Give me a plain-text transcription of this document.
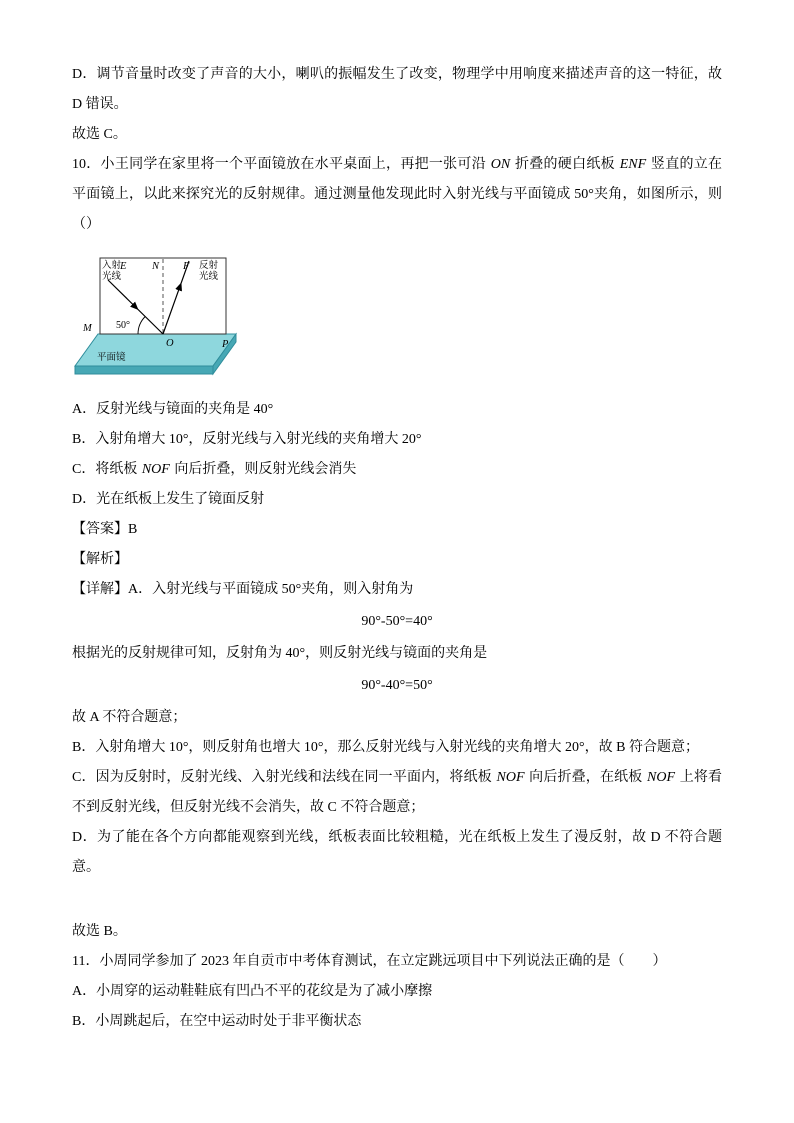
D．调节音量时改变了声音的大小，喇叭的振幅发生了改变，物理学中用响度来描述声音的这一特征，故D 错误。

故选 C。

10．小王同学在家里将一个平面镜放在水平桌面上，再把一张可沿 ON 折叠的硬白纸板 ENF 竖直的立在平面镜上，以此来探究光的反射规律。通过测量他发现此时入射光线与平面镜成 50°夹角，如图所示，则（）

入射
光线
反射
光线
E N F
M
O	P
50°
平面镜

A．反射光线与镜面的夹角是 40°

B．入射角增大 10°，反射光线与入射光线的夹角增大 20°

C．将纸板 NOF 向后折叠，则反射光线会消失

D．光在纸板上发生了镜面反射

【答案】B

【解析】

【详解】A．入射光线与平面镜成 50°夹角，则入射角为

90°-50°=40°

根据光的反射规律可知，反射角为 40°，则反射光线与镜面的夹角是

90°-40°=50°

故 A 不符合题意；

B．入射角增大 10°，则反射角也增大 10°，那么反射光线与入射光线的夹角增大 20°，故 B 符合题意；

C．因为反射时，反射光线、入射光线和法线在同一平面内，将纸板 NOF 向后折叠，在纸板 NOF 上将看不到反射光线，但反射光线不会消失，故 C 不符合题意；

D．为了能在各个方向都能观察到光线，纸板表面比较粗糙，光在纸板上发生了漫反射，故 D 不符合题意。

故选 B。

11．小周同学参加了 2023 年自贡市中考体育测试，在立定跳远项目中下列说法正确的是（　　）

A．小周穿的运动鞋鞋底有凹凸不平的花纹是为了减小摩擦

B．小周跳起后，在空中运动时处于非平衡状态
